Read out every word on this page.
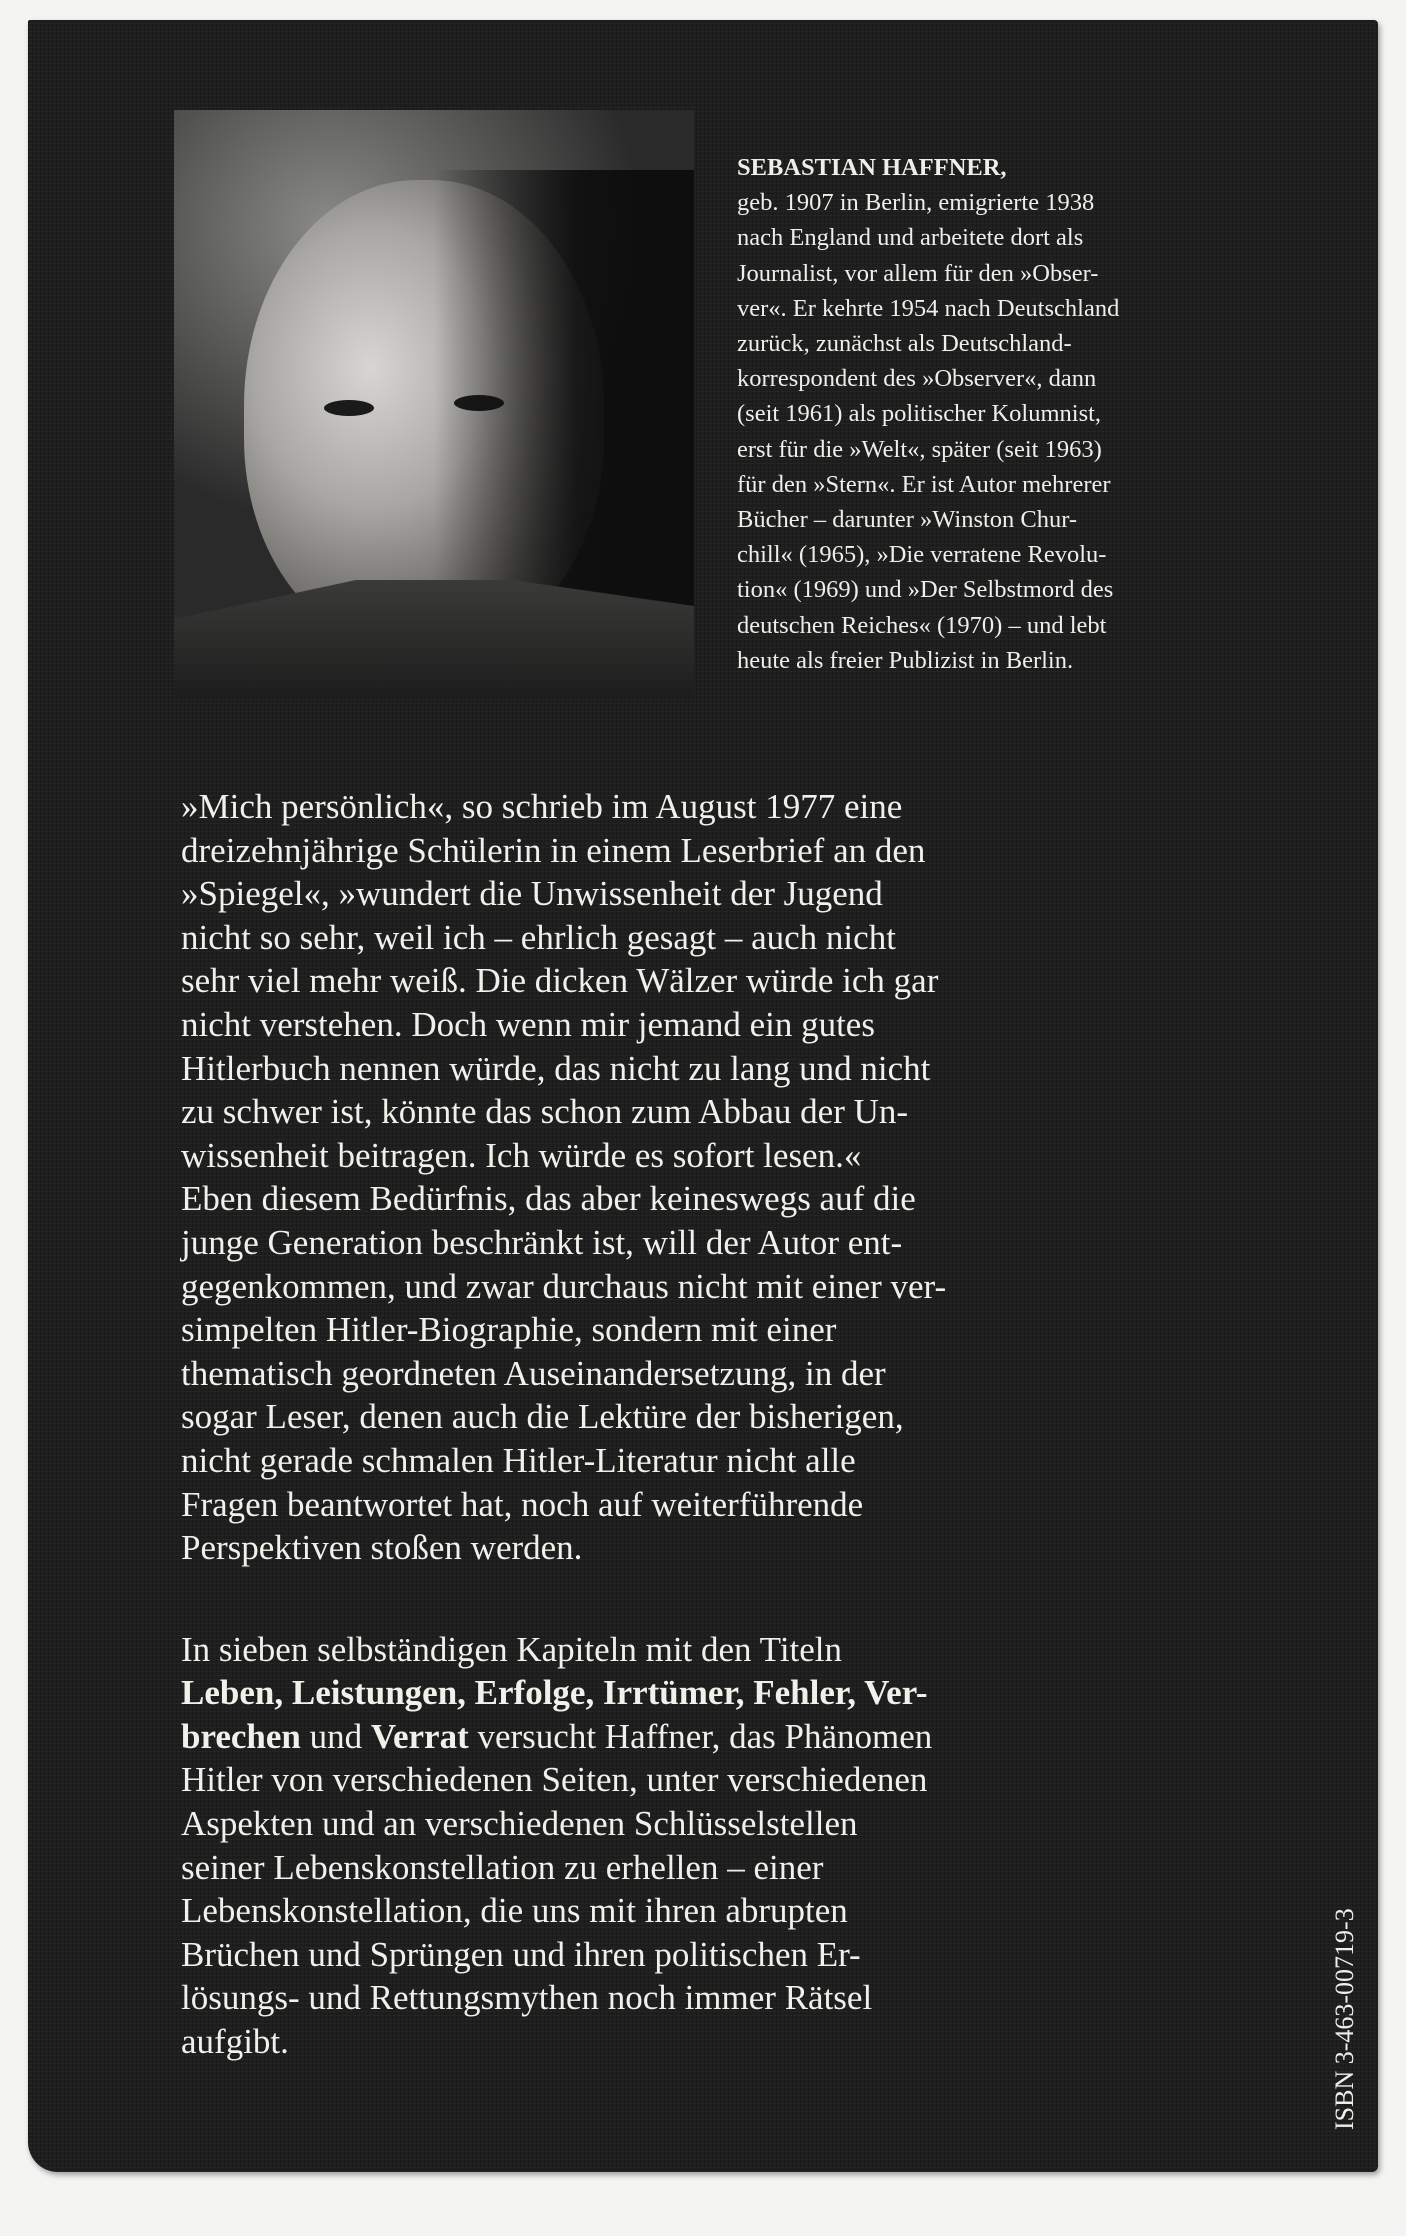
SEBASTIAN HAFFNER,
geb. 1907 in Berlin, emigrierte 1938
nach England und arbeitete dort als
Journalist, vor allem für den »Obser-
ver«. Er kehrte 1954 nach Deutschland
zurück, zunächst als Deutschland-
korrespondent des »Observer«, dann
(seit 1961) als politischer Kolumnist,
erst für die »Welt«, später (seit 1963)
für den »Stern«. Er ist Autor mehrerer
Bücher – darunter »Winston Chur-
chill« (1965), »Die verratene Revolu-
tion« (1969) und »Der Selbstmord des
deutschen Reiches« (1970) – und lebt
heute als freier Publizist in Berlin.
»Mich persönlich«, so schrieb im August 1977 eine
dreizehnjährige Schülerin in einem Leserbrief an den
»Spiegel«, »wundert die Unwissenheit der Jugend
nicht so sehr, weil ich – ehrlich gesagt – auch nicht
sehr viel mehr weiß. Die dicken Wälzer würde ich gar
nicht verstehen. Doch wenn mir jemand ein gutes
Hitlerbuch nennen würde, das nicht zu lang und nicht
zu schwer ist, könnte das schon zum Abbau der Un-
wissenheit beitragen. Ich würde es sofort lesen.«
Eben diesem Bedürfnis, das aber keineswegs auf die
junge Generation beschränkt ist, will der Autor ent-
gegenkommen, und zwar durchaus nicht mit einer ver-
simpelten Hitler-Biographie, sondern mit einer
thematisch geordneten Auseinandersetzung, in der
sogar Leser, denen auch die Lektüre der bisherigen,
nicht gerade schmalen Hitler-Literatur nicht alle
Fragen beantwortet hat, noch auf weiterführende
Perspektiven stoßen werden.
In sieben selbständigen Kapiteln mit den Titeln
Leben, Leistungen, Erfolge, Irrtümer, Fehler, Ver-
brechen und Verrat versucht Haffner, das Phänomen
Hitler von verschiedenen Seiten, unter verschiedenen
Aspekten und an verschiedenen Schlüsselstellen
seiner Lebenskonstellation zu erhellen – einer
Lebenskonstellation, die uns mit ihren abrupten
Brüchen und Sprüngen und ihren politischen Er-
lösungs- und Rettungsmythen noch immer Rätsel
aufgibt.	ISBN 3-463-00719-3
